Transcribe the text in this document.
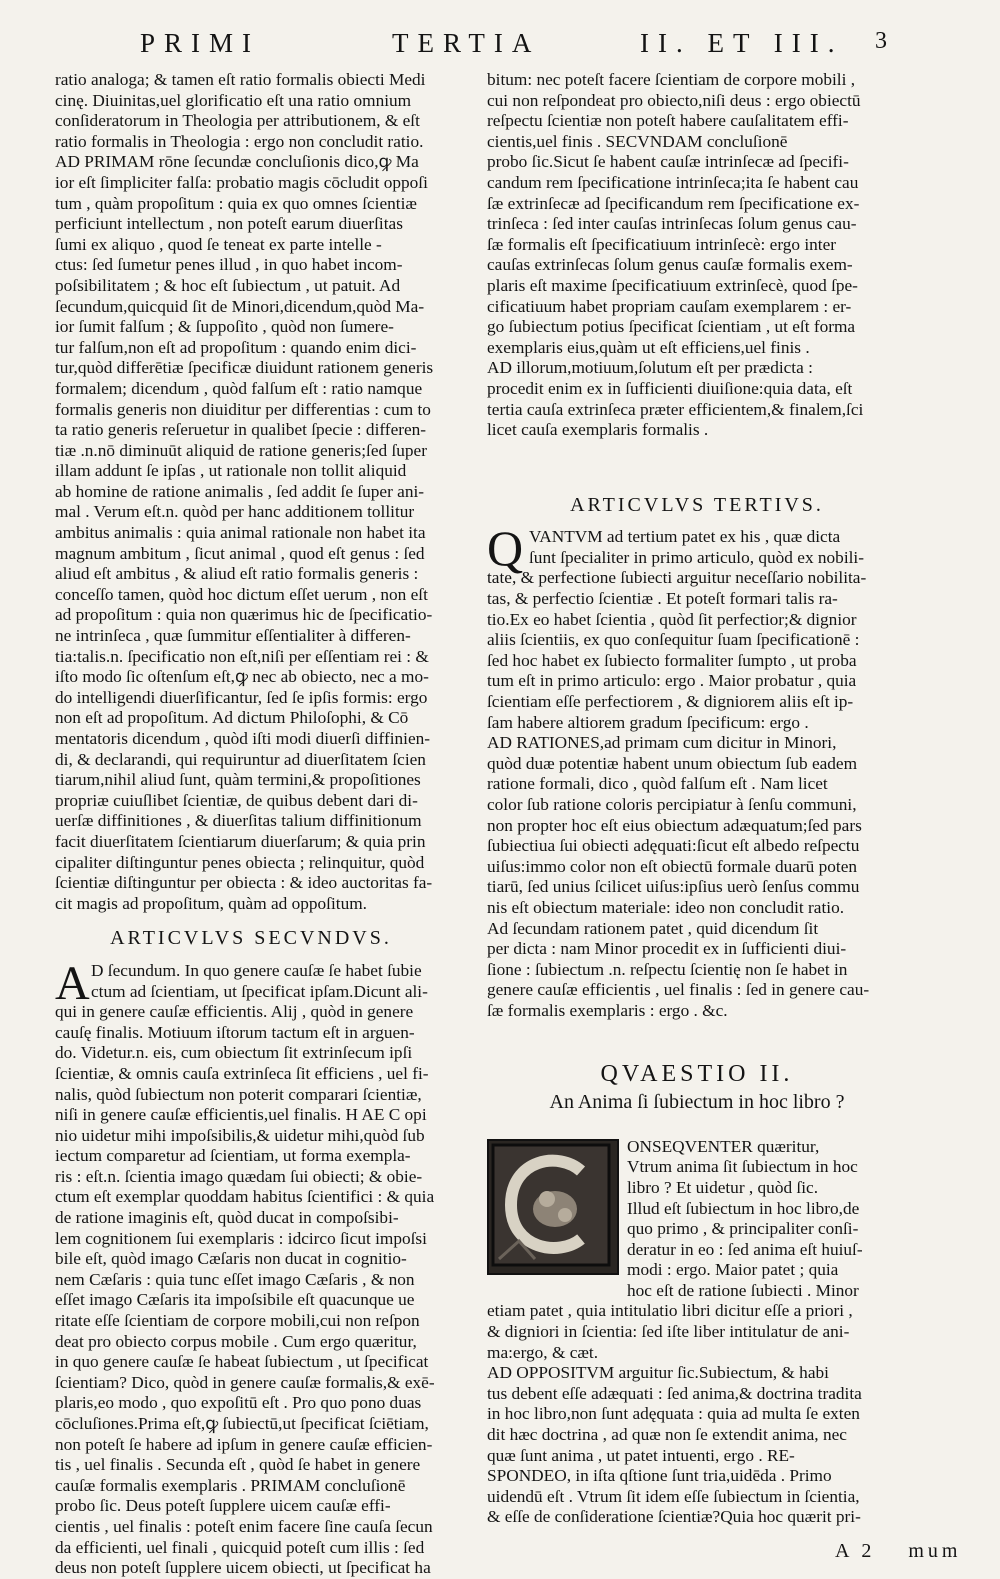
PRIMI	TERTIA	II. ET III. 3
ratio analoga; & tamen eſt ratio formalis obiecti Medi
cinę. Diuinitas,uel glorificatio eſt una ratio omnium
conſideratorum in Theologia per attributionem, & eſt
ratio formalis in Theologia : ergo non concludit ratio.
AD PRIMAM rōne ſecundæ concluſionis dico,ꝙ Ma
ior eſt ſimpliciter falſa: probatio magis cōcludit oppoſi
tum , quàm propoſitum : quia ex quo omnes ſcientiæ
perficiunt intellectum , non poteſt earum diuerſitas
ſumi ex aliquo , quod ſe teneat ex parte intelle -
ctus: ſed ſumetur penes illud , in quo habet incom-
poſsibilitatem ; & hoc eſt ſubiectum , ut patuit. Ad
ſecundum,quicquid ſit de Minori,dicendum,quòd Ma-
ior ſumit falſum ; & ſuppoſito , quòd non ſumere-
tur falſum,non eſt ad propoſitum : quando enim dici-
tur,quòd differētiæ ſpecificæ diuidunt rationem generis
formalem; dicendum , quòd falſum eſt : ratio namque
formalis generis non diuiditur per differentias : cum to
ta ratio generis reſeruetur in qualibet ſpecie : differen-
tiæ .n.nō diminuūt aliquid de ratione generis;ſed ſuper
illam addunt ſe ipſas , ut rationale non tollit aliquid
ab homine de ratione animalis , ſed addit ſe ſuper ani-
mal . Verum eſt.n. quòd per hanc additionem tollitur
ambitus animalis : quia animal rationale non habet ita
magnum ambitum , ſicut animal , quod eſt genus : ſed
aliud eſt ambitus , & aliud eſt ratio formalis generis :
conceſſo tamen, quòd hoc dictum eſſet uerum , non eſt
ad propoſitum : quia non quærimus hic de ſpecificatio-
ne intrinſeca , quæ ſummitur eſſentialiter à differen-
tia:talis.n. ſpecificatio non eſt,niſi per eſſentiam rei : &
iſto modo ſic oſtenſum eſt,ꝙ nec ab obiecto, nec a mo-
do intelligendi diuerſificantur, ſed ſe ipſis formis: ergo
non eſt ad propoſitum. Ad dictum Philoſophi, & Cō
mentatoris dicendum , quòd iſti modi diuerſi diffinien-
di, & declarandi, qui requiruntur ad diuerſitatem ſcien
tiarum,nihil aliud ſunt, quàm termini,& propoſitiones
propriæ cuiuſlibet ſcientiæ, de quibus debent dari di-
uerſæ diffinitiones , & diuerſitas talium diffinitionum
facit diuerſitatem ſcientiarum diuerſarum; & quia prin
cipaliter diſtinguntur penes obiecta ; relinquitur, quòd
ſcientiæ diſtinguntur per obiecta : & ideo auctoritas fa-
cit magis ad propoſitum, quàm ad oppoſitum.
ARTICVLVS SECVNDVS.
A D ſecundum. In quo genere cauſæ ſe habet ſubie
ctum ad ſcientiam, ut ſpecificat ipſam.Dicunt ali-
qui in genere cauſæ efficientis. Alij , quòd in genere
cauſę finalis. Motiuum iſtorum tactum eſt in arguen-
do. Videtur.n. eis, cum obiectum ſit extrinſecum ipſi
ſcientiæ, & omnis cauſa extrinſeca ſit efficiens , uel fi-
nalis, quòd ſubiectum non poterit comparari ſcientiæ,
niſi in genere cauſæ efficientis,uel finalis. H AE C opi
nio uidetur mihi impoſsibilis,& uidetur mihi,quòd ſub
iectum comparetur ad ſcientiam, ut forma exempla-
ris : eſt.n. ſcientia imago quædam ſui obiecti; & obie-
ctum eſt exemplar quoddam habitus ſcientifici : & quia
de ratione imaginis eſt, quòd ducat in compoſsibi-
lem cognitionem ſui exemplaris : idcirco ſicut impoſsi
bile eſt, quòd imago Cæſaris non ducat in cognitio-
nem Cæſaris : quia tunc eſſet imago Cæſaris , & non
eſſet imago Cæſaris ita impoſsibile eſt quacunque ue
ritate eſſe ſcientiam de corpore mobili,cui non reſpon
deat pro obiecto corpus mobile . Cum ergo quæritur,
in quo genere cauſæ ſe habeat ſubiectum , ut ſpecificat
ſcientiam? Dico, quòd in genere cauſæ formalis,& exē-
plaris,eo modo , quo expoſitū eſt . Pro quo pono duas
cōcluſiones.Prima eſt,ꝙ ſubiectū,ut ſpecificat ſciētiam,
non poteſt ſe habere ad ipſum in genere cauſæ efficien-
tis , uel finalis . Secunda eſt , quòd ſe habet in genere
cauſæ formalis exemplaris . PRIMAM concluſionē
probo ſic. Deus poteſt ſupplere uicem cauſæ effi-
cientis , uel finalis : poteſt enim facere ſine cauſa ſecun
da efficienti, uel finali , quicquid poteſt cum illis : ſed
deus non poteſt ſupplere uicem obiecti, ut ſpecificat ha
bitum: nec poteſt facere ſcientiam de corpore mobili ,
cui non reſpondeat pro obiecto,niſi deus : ergo obiectū
reſpectu ſcientiæ non poteſt habere cauſalitatem effi-
cientis,uel finis . SECVNDAM concluſionē
probo ſic.Sicut ſe habent cauſæ intrinſecæ ad ſpecifi-
candum rem ſpecificatione intrinſeca;ita ſe habent cau
ſæ extrinſecæ ad ſpecificandum rem ſpecificatione ex-
trinſeca : ſed inter cauſas intrinſecas ſolum genus cau-
ſæ formalis eſt ſpecificatiuum intrinſecè: ergo inter
cauſas extrinſecas ſolum genus cauſæ formalis exem-
plaris eſt maxime ſpecificatiuum extrinſecè, quod ſpe-
cificatiuum habet propriam cauſam exemplarem : er-
go ſubiectum potius ſpecificat ſcientiam , ut eſt forma
exemplaris eius,quàm ut eſt efficiens,uel finis .
AD illorum,motiuum,ſolutum eſt per prædicta :
procedit enim ex in ſufficienti diuiſione:quia data, eſt
tertia cauſa extrinſeca præter efficientem,& finalem,ſci
licet cauſa exemplaris formalis .
ARTICVLVS TERTIVS.
Q VANTVM ad tertium patet ex his , quæ dicta
ſunt ſpecialiter in primo articulo, quòd ex nobili-
tate, & perfectione ſubiecti arguitur neceſſario nobilita-
tas, & perfectio ſcientiæ . Et poteſt formari talis ra-
tio.Ex eo habet ſcientia , quòd ſit perfectior;& dignior
aliis ſcientiis, ex quo conſequitur ſuam ſpecificationē :
ſed hoc habet ex ſubiecto formaliter ſumpto , ut proba
tum eſt in primo articulo: ergo . Maior probatur , quia
ſcientiam eſſe perfectiorem , & digniorem aliis eſt ip-
ſam habere altiorem gradum ſpecificum: ergo .
AD RATIONES,ad primam cum dicitur in Minori,
quòd duæ potentiæ habent unum obiectum ſub eadem
ratione formali, dico , quòd falſum eſt . Nam licet
color ſub ratione coloris percipiatur à ſenſu communi,
non propter hoc eſt eius obiectum adæquatum;ſed pars
ſubiectiua ſui obiecti adęquati:ſicut eſt albedo reſpectu
uiſus:immo color non eſt obiectū formale duarū poten
tiarū, ſed unius ſcilicet uiſus:ipſius uerò ſenſus commu
nis eſt obiectum materiale: ideo non concludit ratio.
Ad ſecundam rationem patet , quid dicendum ſit
per dicta : nam Minor procedit ex in ſufficienti diui-
ſione : ſubiectum .n. reſpectu ſcientię non ſe habet in
genere cauſæ efficientis , uel finalis : ſed in genere cau-
ſæ formalis exemplaris : ergo . &c.
QVAESTIO II.
An Anima ſi ſubiectum in hoc libro ?
ONSEQVENTER quæritur,
Vtrum anima ſit ſubiectum in hoc
libro ? Et uidetur , quòd ſic.
Illud eſt ſubiectum in hoc libro,de
quo primo , & principaliter conſi-
deratur in eo : ſed anima eſt huiuſ-
modi : ergo. Maior patet ; quia
hoc eſt de ratione ſubiecti . Minor
etiam patet , quia intitulatio libri dicitur eſſe a priori ,
& digniori in ſcientia: ſed iſte liber intitulatur de ani-
ma:ergo, & cæt.
AD OPPOSITVM arguitur ſic.Subiectum, & habi
tus debent eſſe adæquati : ſed anima,& doctrina tradita
in hoc libro,non ſunt adęquata : quia ad multa ſe exten
dit hæc doctrina , ad quæ non ſe extendit anima, nec
quæ ſunt anima , ut patet intuenti, ergo . RE-
SPONDEO, in iſta qſtione ſunt tria,uidēda . Primo
uidendū eſt . Vtrum ſit idem eſſe ſubiectum in ſcientia,
& eſſe de conſiderationе ſcientiæ?Quia hoc quærit pri-
A 2 mum
